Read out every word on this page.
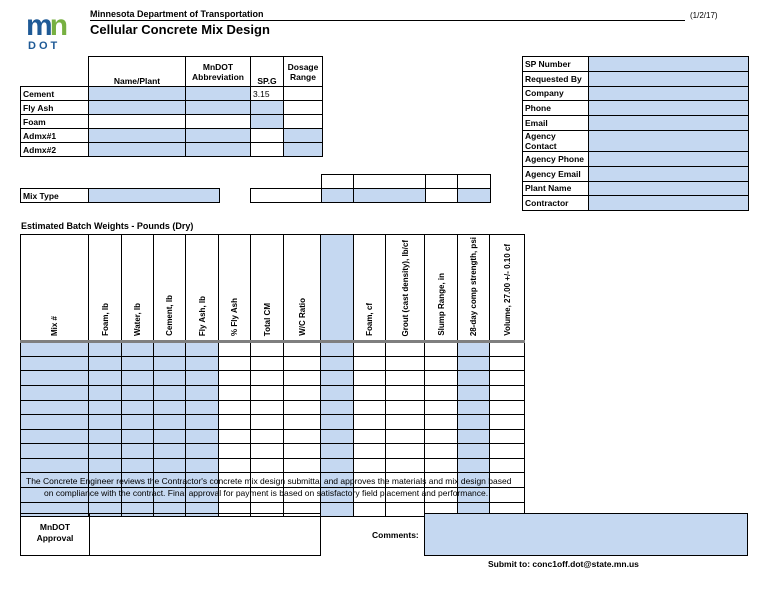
mn
DOT
Minnesota Department of Transportation
Cellular Concrete Mix Design
(1/2/17)
	Name/Plant	MnDOT Abbreviation	SP.G	Dosage Range
Cement			3.15	
Fly Ash				
Foam				
Admx#1				
Admx#2				
Mix Type	

SP Number	
Requested By	
Company	
Phone	
Email	
Agency Contact	
Agency Phone	
Agency Email	
Plant Name	
Contractor	
Estimated Batch Weights - Pounds (Dry)
Mix #	Foam, lb	Water, lb	Cement, lb	Fly Ash, lb	% Fly Ash	Total CM	W/C Ratio		Foam, cf	Grout (cast density), lb/cf	Slump Range, in	28-day comp strength, psi	Volume, 27.00 +/- 0.10 cf

The Concrete Engineer reviews the Contractor's concrete mix design submittal and approves the materials and mix design based
on compliance with the contract. Final approval for payment is based on satisfactory field placement and performance.
MnDOT Approval	Comments:
Submit to: conc1off.dot@state.mn.us
